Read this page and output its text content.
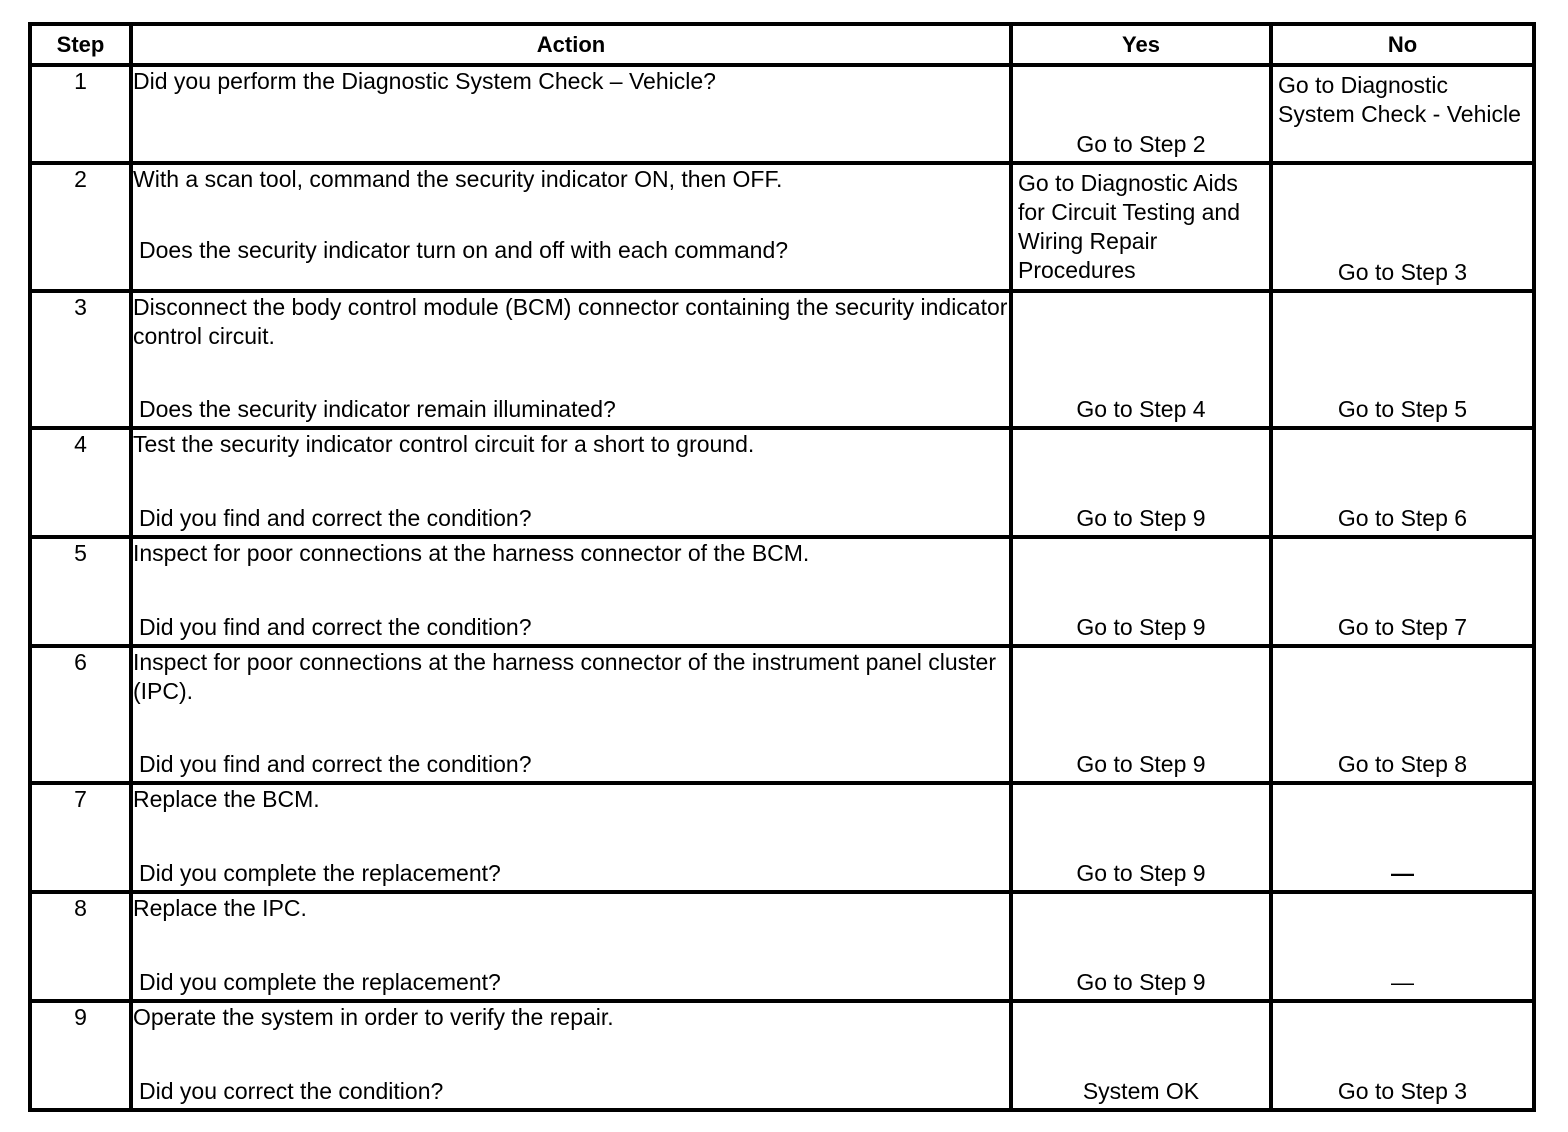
Step	Action	Yes	No
1	Did you perform the Diagnostic System Check – Vehicle?	Go to Step 2	Go to Diagnostic System Check - Vehicle

2	With a scan tool, command the security indicator ON, then OFF.
Does the security indicator turn on and off with each command?	Go to Diagnostic Aids for Circuit Testing and Wiring Repair Procedures	Go to Step 3

3	Disconnect the body control module (BCM) connector containing the security indicator control circuit.
Does the security indicator remain illuminated?	Go to Step 4	Go to Step 5

4	Test the security indicator control circuit for a short to ground.
Did you find and correct the condition?	Go to Step 9	Go to Step 6

5	Inspect for poor connections at the harness connector of the BCM.
Did you find and correct the condition?	Go to Step 9	Go to Step 7

6	Inspect for poor connections at the harness connector of the instrument panel cluster (IPC).
Did you find and correct the condition?	Go to Step 9	Go to Step 8

7	Replace the BCM.
Did you complete the replacement?	Go to Step 9	—

8	Replace the IPC.
Did you complete the replacement?	Go to Step 9	—

9	Operate the system in order to verify the repair.
Did you correct the condition?	System OK	Go to Step 3
